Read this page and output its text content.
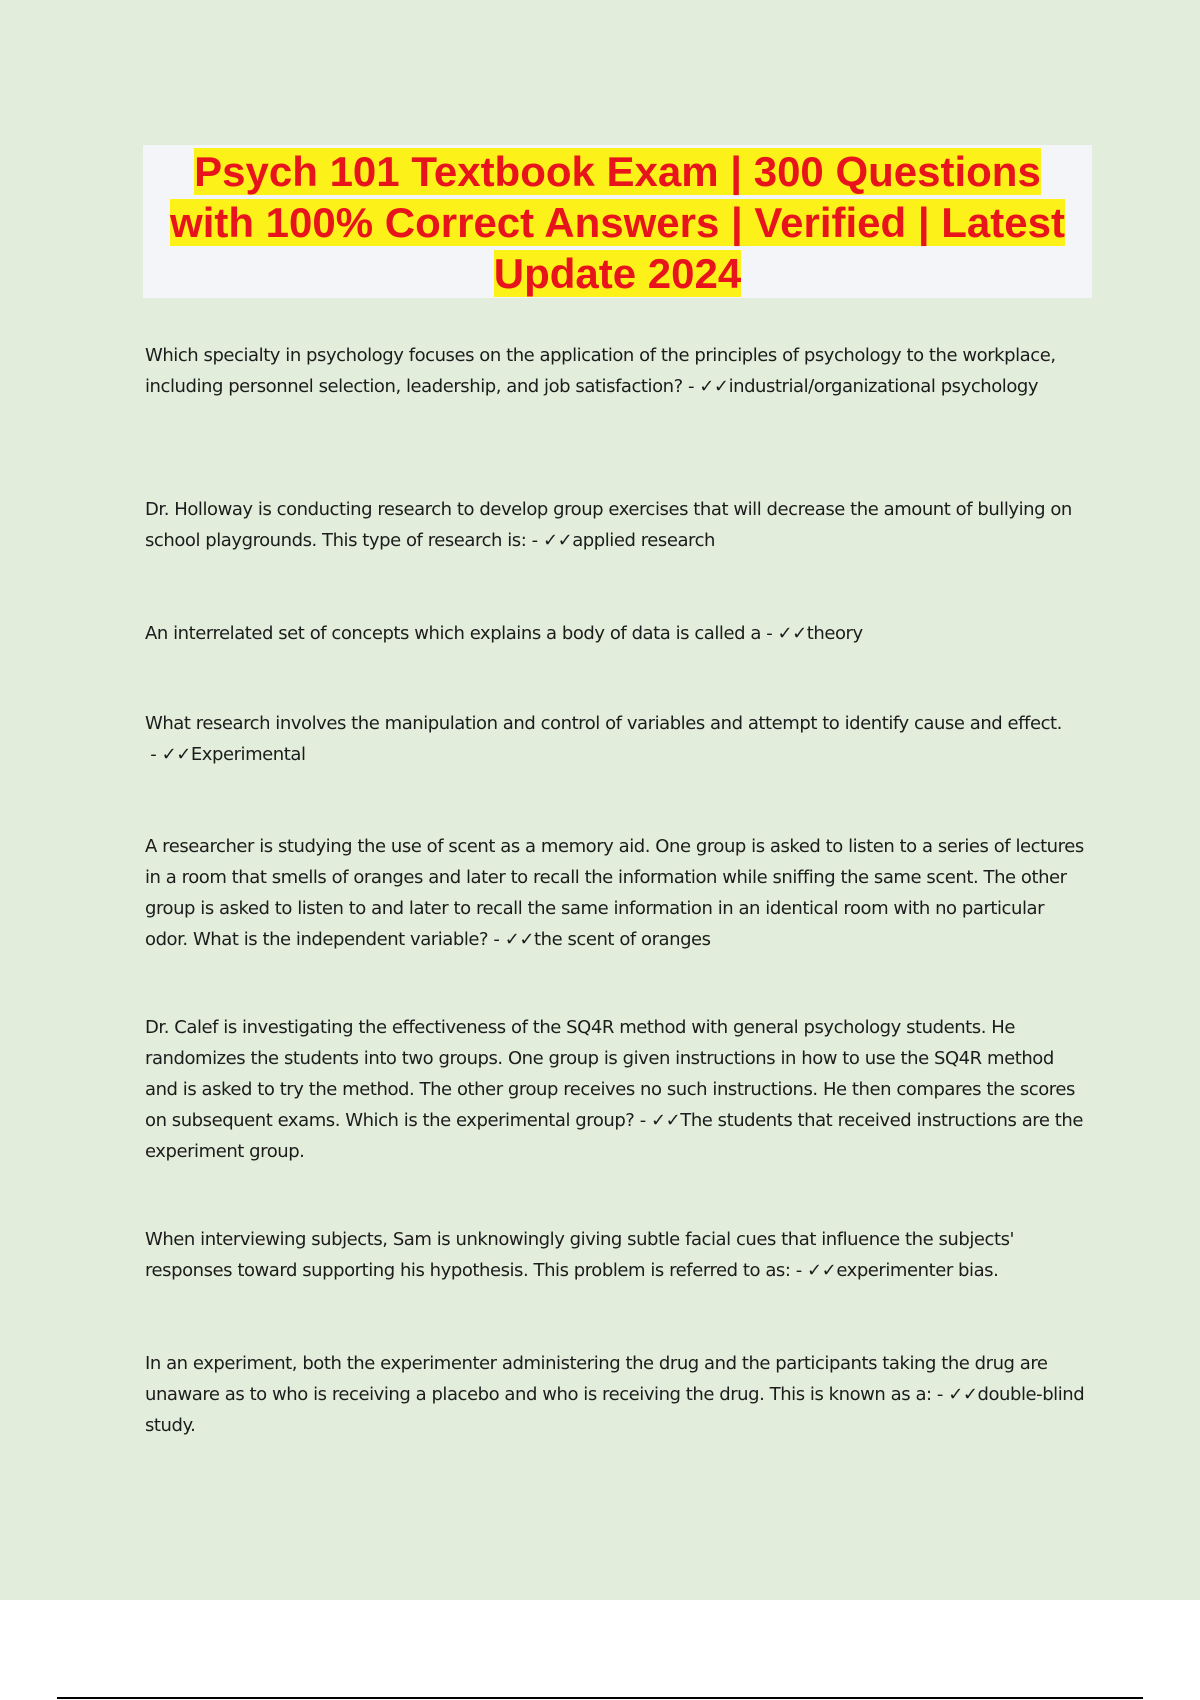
Psych 101 Textbook Exam | 300 Questions with 100% Correct Answers | Verified | Latest Update 2024

Which specialty in psychology focuses on the application of the principles of psychology to the workplace, including personnel selection, leadership, and job satisfaction? - ✓✓industrial/organizational psychology

Dr. Holloway is conducting research to develop group exercises that will decrease the amount of bullying on school playgrounds. This type of research is: - ✓✓applied research

An interrelated set of concepts which explains a body of data is called a - ✓✓theory

What research involves the manipulation and control of variables and attempt to identify cause and effect. - ✓✓Experimental

A researcher is studying the use of scent as a memory aid. One group is asked to listen to a series of lectures in a room that smells of oranges and later to recall the information while sniffing the same scent. The other group is asked to listen to and later to recall the same information in an identical room with no particular odor. What is the independent variable? - ✓✓the scent of oranges

Dr. Calef is investigating the effectiveness of the SQ4R method with general psychology students. He randomizes the students into two groups. One group is given instructions in how to use the SQ4R method and is asked to try the method. The other group receives no such instructions. He then compares the scores on subsequent exams. Which is the experimental group? - ✓✓The students that received instructions are the experiment group.

When interviewing subjects, Sam is unknowingly giving subtle facial cues that influence the subjects' responses toward supporting his hypothesis. This problem is referred to as: - ✓✓experimenter bias.

In an experiment, both the experimenter administering the drug and the participants taking the drug are unaware as to who is receiving a placebo and who is receiving the drug. This is known as a: - ✓✓double-blind study.
